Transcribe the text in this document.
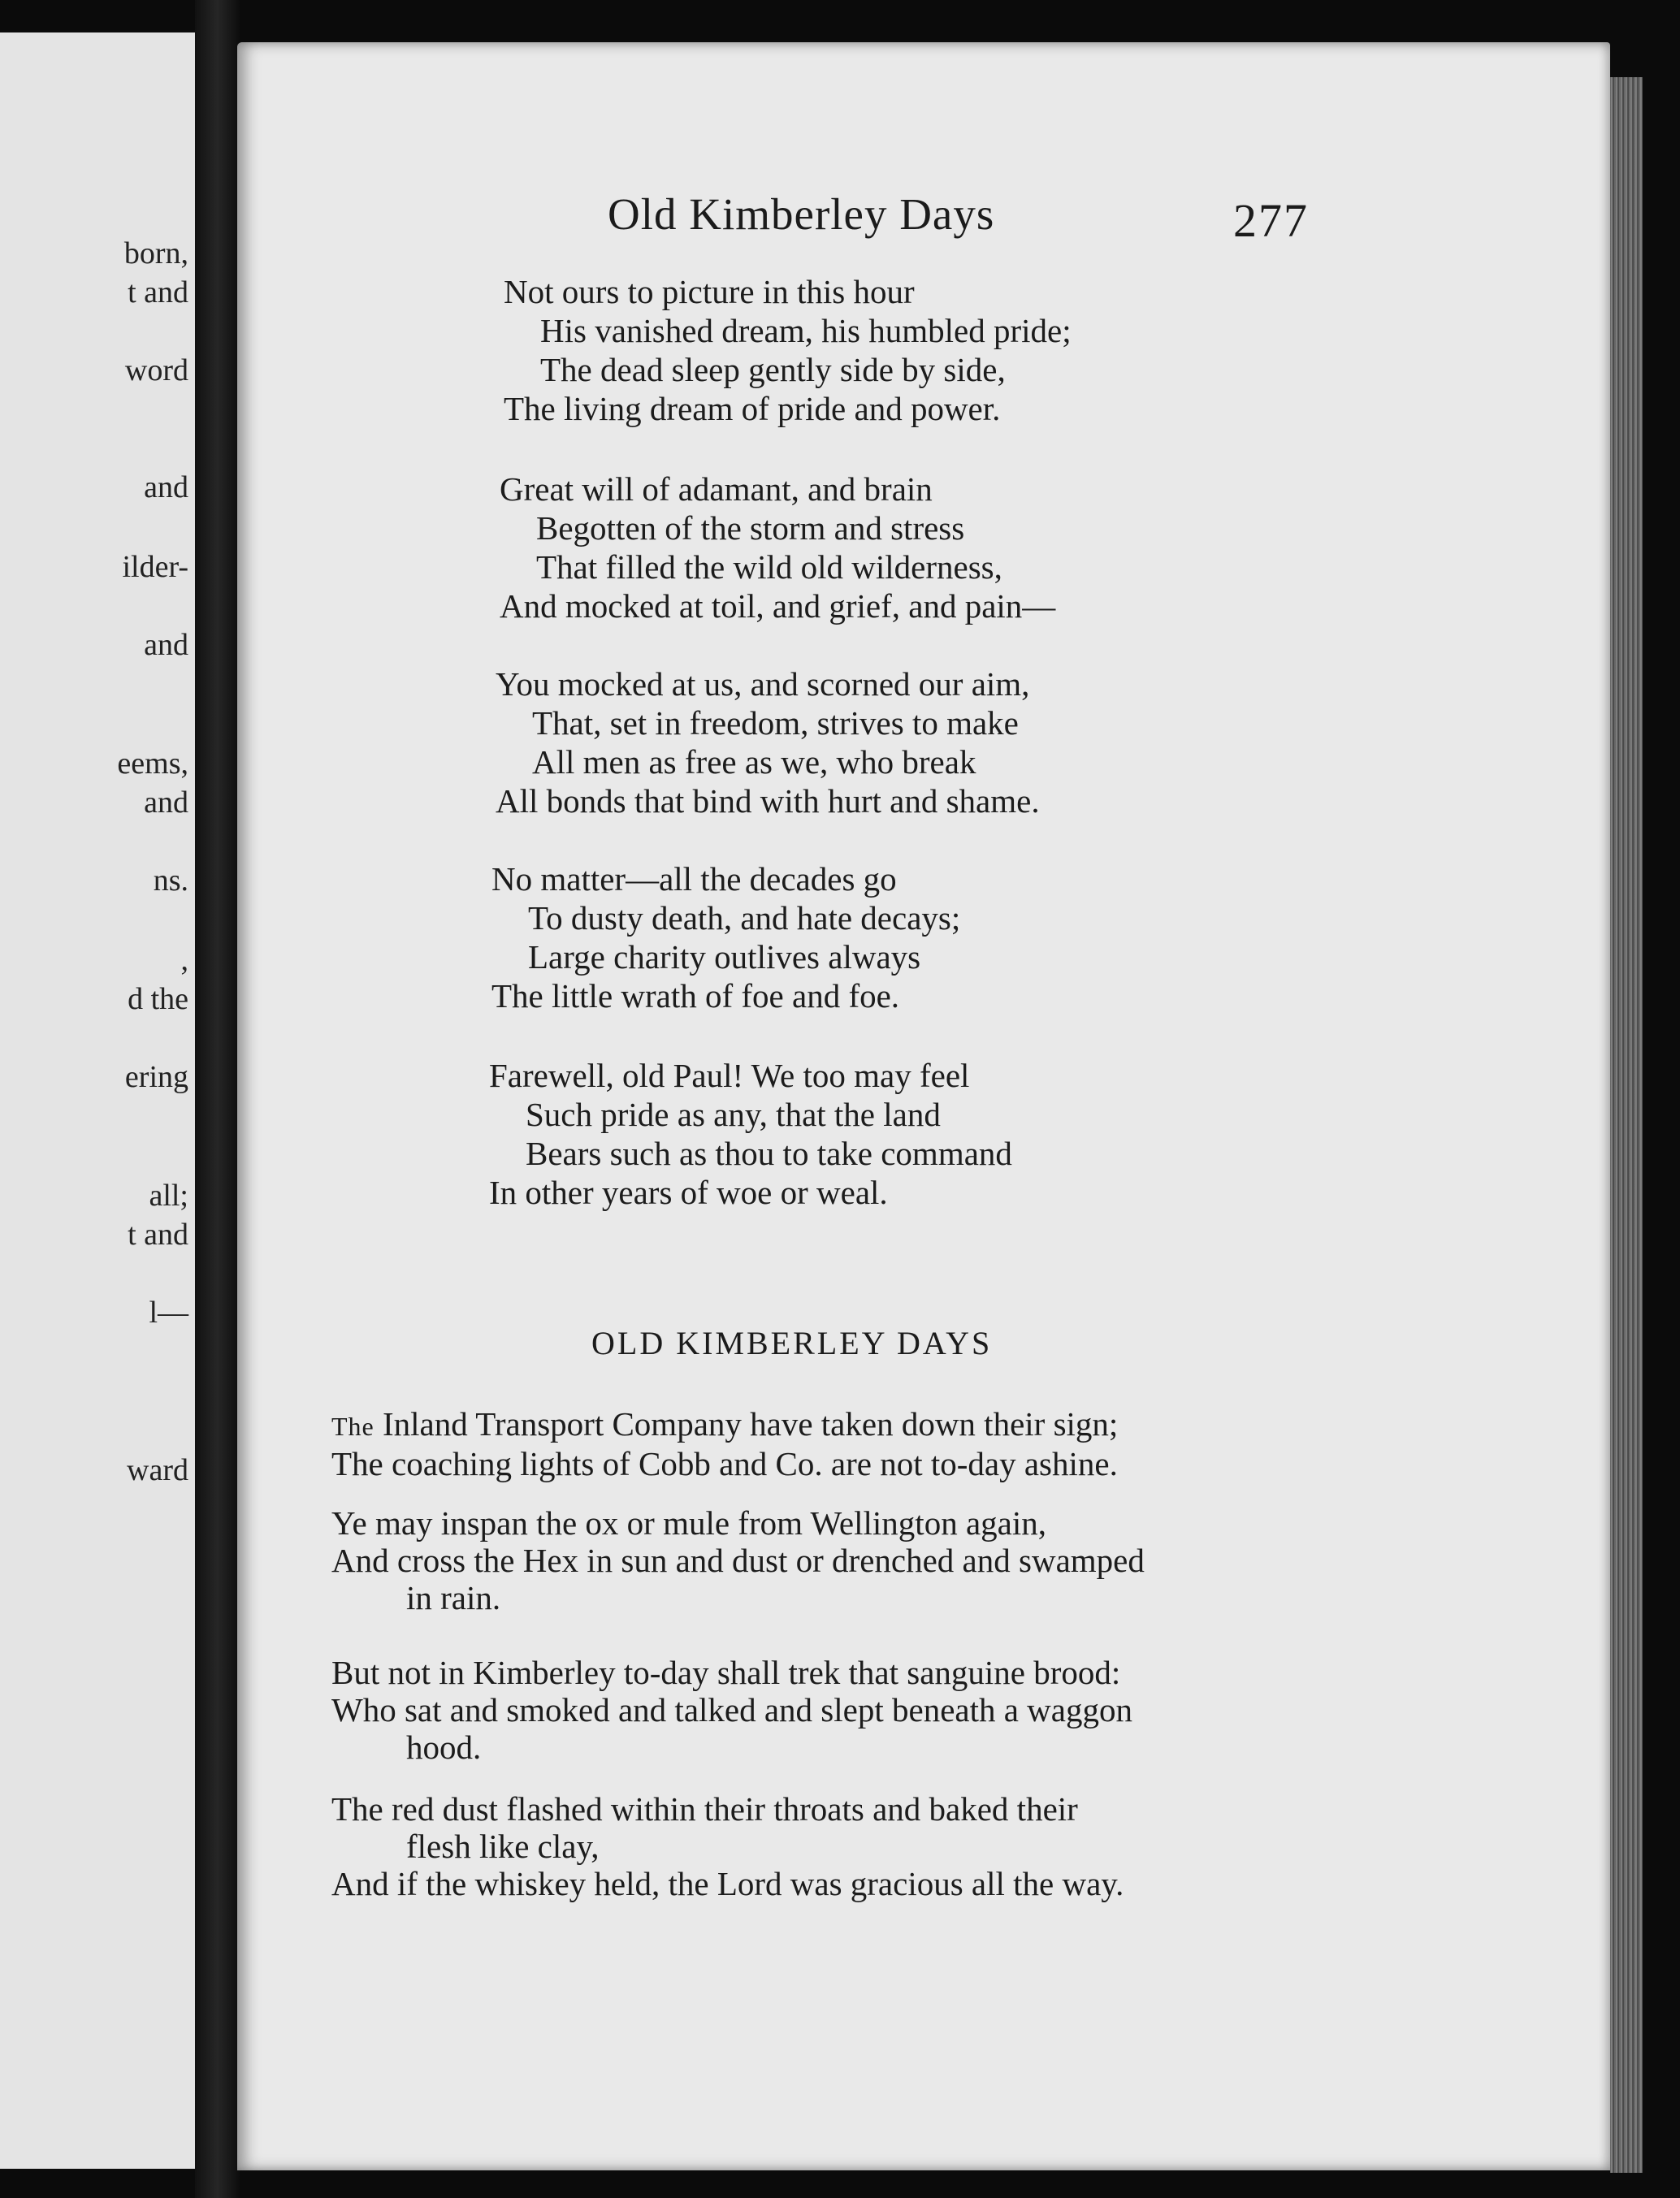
born,
t and
word
and
ilder-
and
eems,
and
ns.
,
d the
ering
all;
t and
l—
ward
Old Kimberley Days	277
Not ours to picture in this hour
His vanished dream, his humbled pride;
The dead sleep gently side by side,
The living dream of pride and power.
Great will of adamant, and brain
Begotten of the storm and stress
That filled the wild old wilderness,
And mocked at toil, and grief, and pain—
You mocked at us, and scorned our aim,
That, set in freedom, strives to make
All men as free as we, who break
All bonds that bind with hurt and shame.
No matter—all the decades go
To dusty death, and hate decays;
Large charity outlives always
The little wrath of foe and foe.
Farewell, old Paul! We too may feel
Such pride as any, that the land
Bears such as thou to take command
In other years of woe or weal.
OLD KIMBERLEY DAYS
The Inland Transport Company have taken down their sign;
The coaching lights of Cobb and Co. are not to-day ashine.
Ye may inspan the ox or mule from Wellington again,
And cross the Hex in sun and dust or drenched and swamped
in rain.
But not in Kimberley to-day shall trek that sanguine brood:
Who sat and smoked and talked and slept beneath a waggon
hood.
The red dust flashed within their throats and baked their
flesh like clay,
And if the whiskey held, the Lord was gracious all the way.
